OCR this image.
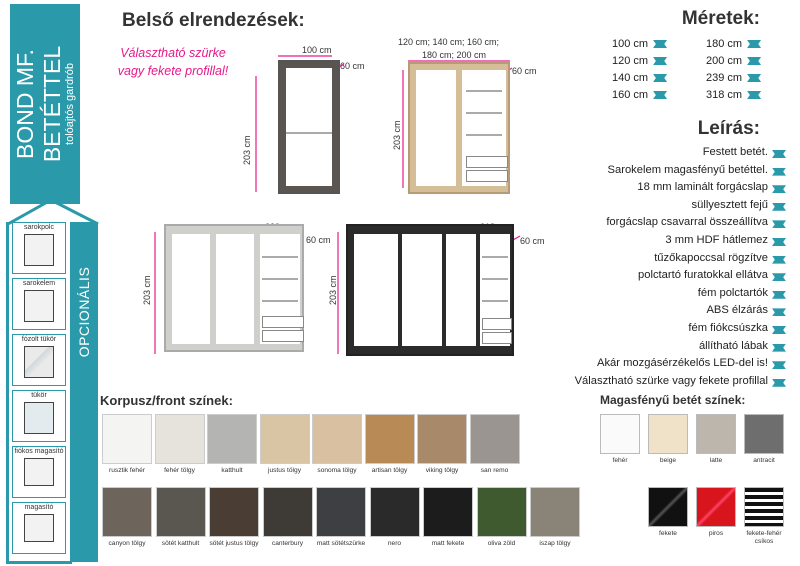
BOND MF. BETÉTTEL tolóajtós gardrób
OPCIONÁLIS
sarokpolc
sarokelem
fózolt tükör
tükör
fiókos magasító
magasító
Belső elrendezések:
Választható szürke vagy fekete profillal!
100 cm
60 cm
203 cm
120 cm; 140 cm; 160 cm;
180 cm; 200 cm
60 cm
203 cm
60 cm
203 cm
60 cm
203 cm
Méretek:
100 cm
120 cm
140 cm
160 cm
180 cm
200 cm
239 cm
318 cm
Leírás:
Festett betét.
Sarokelem magasfényű betéttel.
18 mm laminált forgácslap
süllyesztett fejű
forgácslap csavarral összeállítva
3 mm HDF hátlemez
tűzőkapoccsal rögzítve
polctartó furatokkal ellátva
fém polctartók
ABS élzárás
fém fiókcsúszka
állítható lábak
Akár mozgásérzékelős LED-del is!
Választható szürke vagy fekete profillal
Korpusz/front színek:
rusztik fehér	fehér tölgy	katthult	justus tölgy	sonoma tölgy	artisan tölgy	viking tölgy	san remo
canyon tölgy	sötét katthult	sötét justus tölgy	canterbury	matt sötétszürke	nero	matt fekete	oliva zöld	iszap tölgy
Magasfényű betét színek:
fehér	beige	latte	antracit
fekete	piros	fekete-fehér csíkos
